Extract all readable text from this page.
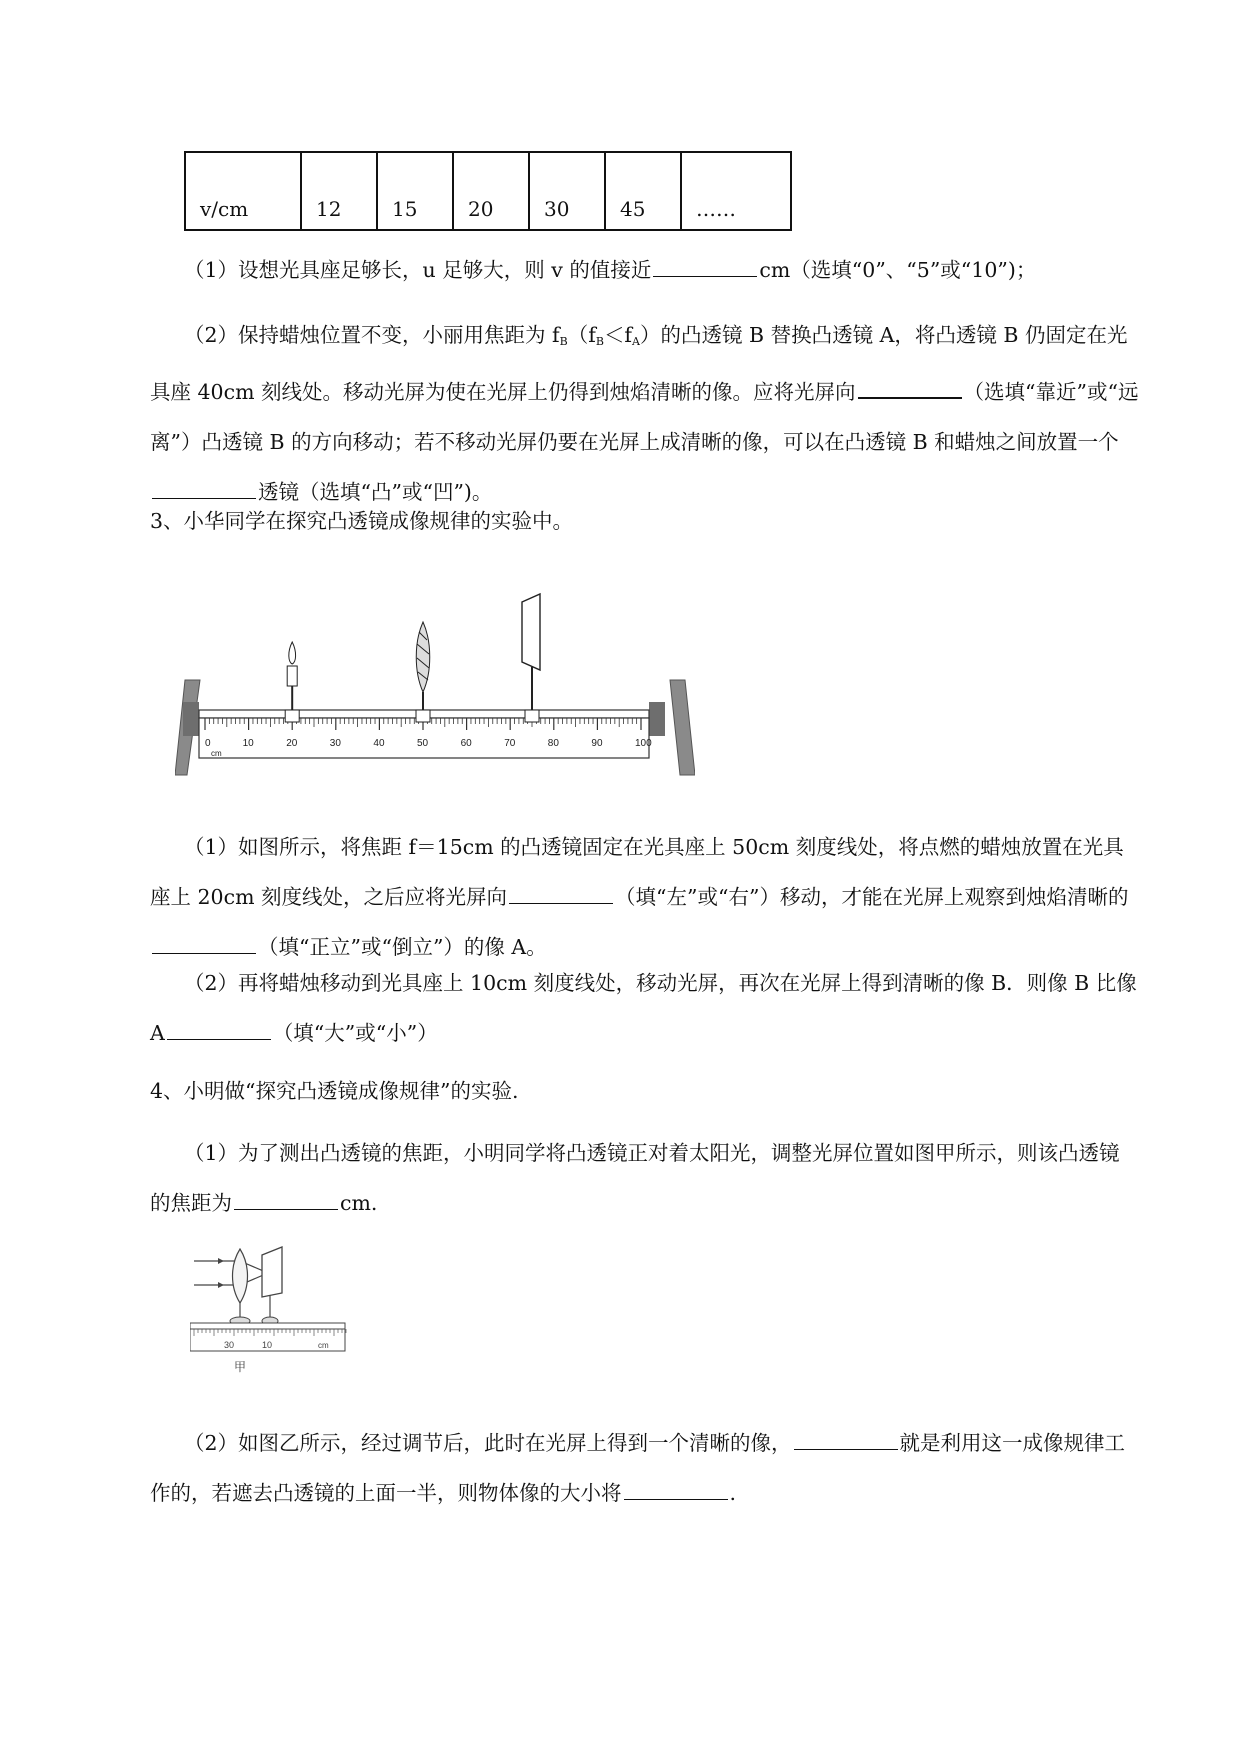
v/cm	12	15	20	30	45	……
（1）设想光具座足够长，u 足够大，则 v 的值接近	cm（选填“0”、“5”或“10”)；
（2）保持蜡烛位置不变，小丽用焦距为 $f_B(f_B<f_A)$的凸透镜 B 替换凸透镜 A，将凸透镜 B 仍固定在光具座 40cm 刻线处。移动光屏为使在光屏上仍得到烛焰清晰的像。应将光屏向	（选填“靠近”或“远离”）凸透镜 B 的方向移动；若不移动光屏仍要在光屏上成清晰的像，可以在凸透镜 B 和蜡烛之间放置一个透镜（选填“凸”或“凹”)。
3、小华同学在探究凸透镜成像规律的实验中。
0	10	20	30	40	50	60	70	80	90	100
cm
（1）如图所示，将焦距 f＝15cm 的凸透镜固定在光具座上 50cm 刻度线处，将点燃的蜡烛放置在光具座上 20cm 刻度线处，之后应将光屏向	（填“左”或“右”）移动，才能在光屏上观察到烛焰清晰的（填“正立”或“倒立”）的像 A。
（2）再将蜡烛移动到光具座上 10cm 刻度线处，移动光屏，再次在光屏上得到清晰的像 B．则像 B 比像 A	（填“大”或“小”）
4、小明做“探究凸透镜成像规律”的实验.
（1）为了测出凸透镜的焦距，小明同学将凸透镜正对着太阳光，调整光屏位置如图甲所示，则该凸透镜的焦距为	cm.
30	10	cm
甲
（2）如图乙所示，经过调节后，此时在光屏上得到一个清晰的像，	就是利用这一成像规律工作的，若遮去凸透镜的上面一半，则物体像的大小将	.
